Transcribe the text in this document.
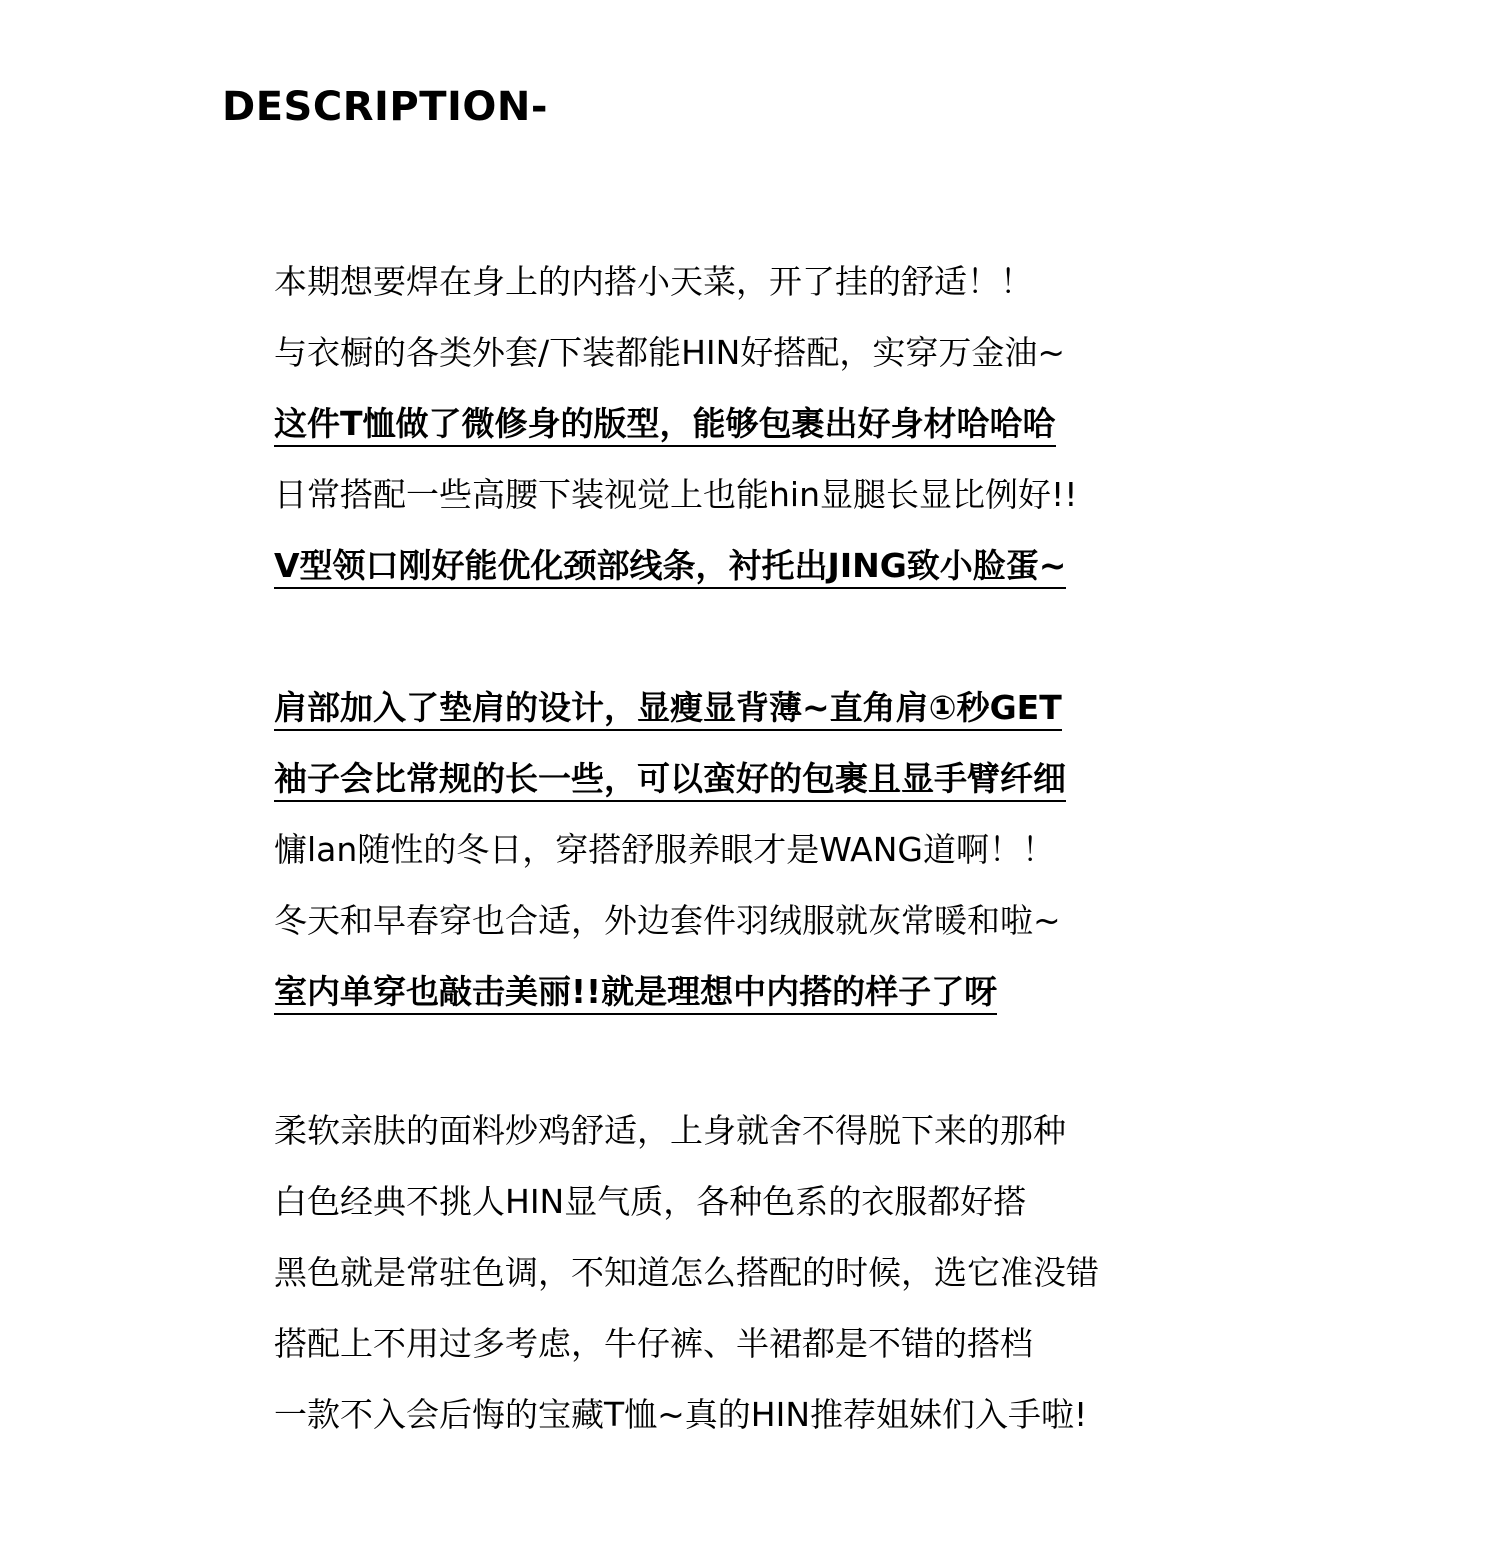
DESCRIPTION-
本期想要焊在身上的内搭小天菜，开了挂的舒适！！
与衣橱的各类外套/下装都能HIN好搭配，实穿万金油~
这件T恤做了微修身的版型，能够包裹出好身材哈哈哈
日常搭配一些高腰下装视觉上也能hin显腿长显比例好!!
V型领口刚好能优化颈部线条，衬托出JING致小脸蛋~
肩部加入了垫肩的设计，显瘦显背薄~直角肩①秒GET
袖子会比常规的长一些，可以蛮好的包裹且显手臂纤细
慵lan随性的冬日，穿搭舒服养眼才是WANG道啊！！
冬天和早春穿也合适，外边套件羽绒服就灰常暖和啦~
室内单穿也敲击美丽!!就是理想中内搭的样子了呀
柔软亲肤的面料炒鸡舒适，上身就舍不得脱下来的那种
白色经典不挑人HIN显气质，各种色系的衣服都好搭
黑色就是常驻色调，不知道怎么搭配的时候，选它准没错
搭配上不用过多考虑，牛仔裤、半裙都是不错的搭档
一款不入会后悔的宝藏T恤~真的HIN推荐姐妹们入手啦!
